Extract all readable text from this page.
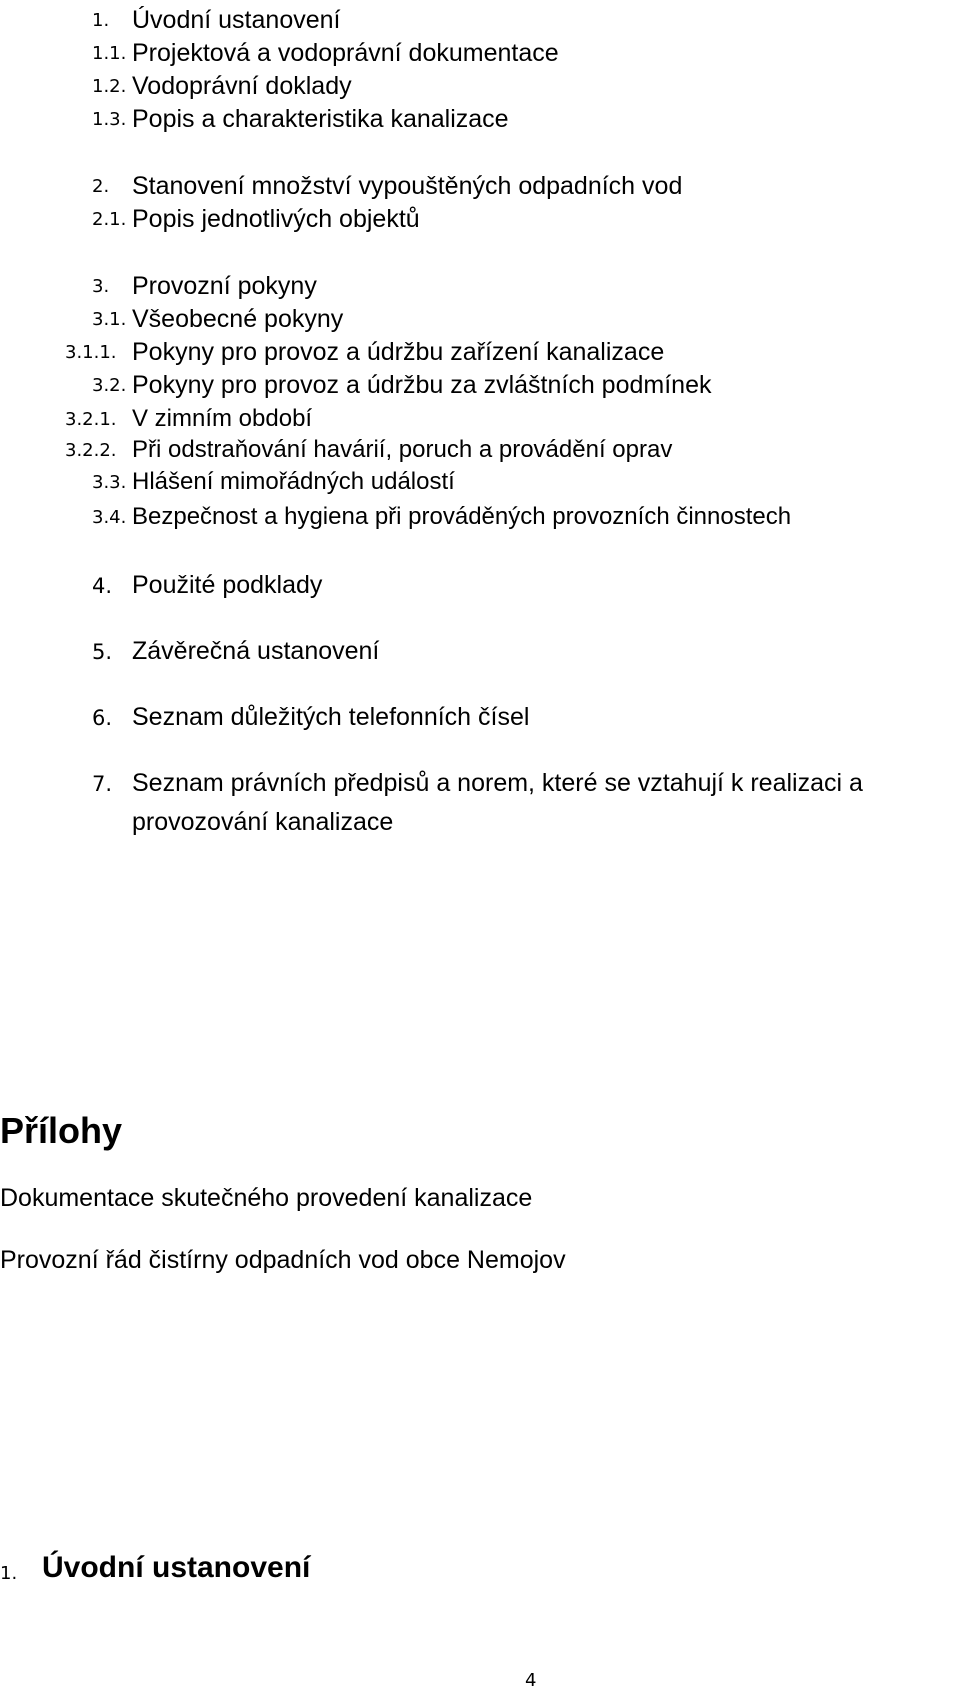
1. Úvodní ustanovení
1.1. Projektová a vodoprávní dokumentace
1.2. Vodoprávní doklady
1.3. Popis a charakteristika kanalizace
2. Stanovení množství vypouštěných odpadních vod
2.1. Popis jednotlivých objektů
3. Provozní pokyny
3.1. Všeobecné pokyny
3.1.1. Pokyny pro provoz a údržbu zařízení kanalizace
3.2. Pokyny pro provoz a údržbu za zvláštních podmínek
3.2.1. V zimním období
3.2.2. Při odstraňování havárií, poruch a provádění oprav
3.3. Hlášení mimořádných událostí
3.4. Bezpečnost a hygiena při prováděných provozních činnostech
4. Použité podklady
5. Závěrečná ustanovení
6. Seznam důležitých telefonních čísel
7. Seznam právních předpisů a norem, které se vztahují k realizaci a
provozování kanalizace
Přílohy
Dokumentace skutečného provedení kanalizace
Provozní řád čistírny odpadních vod obce Nemojov
1. Úvodní ustanovení
4
